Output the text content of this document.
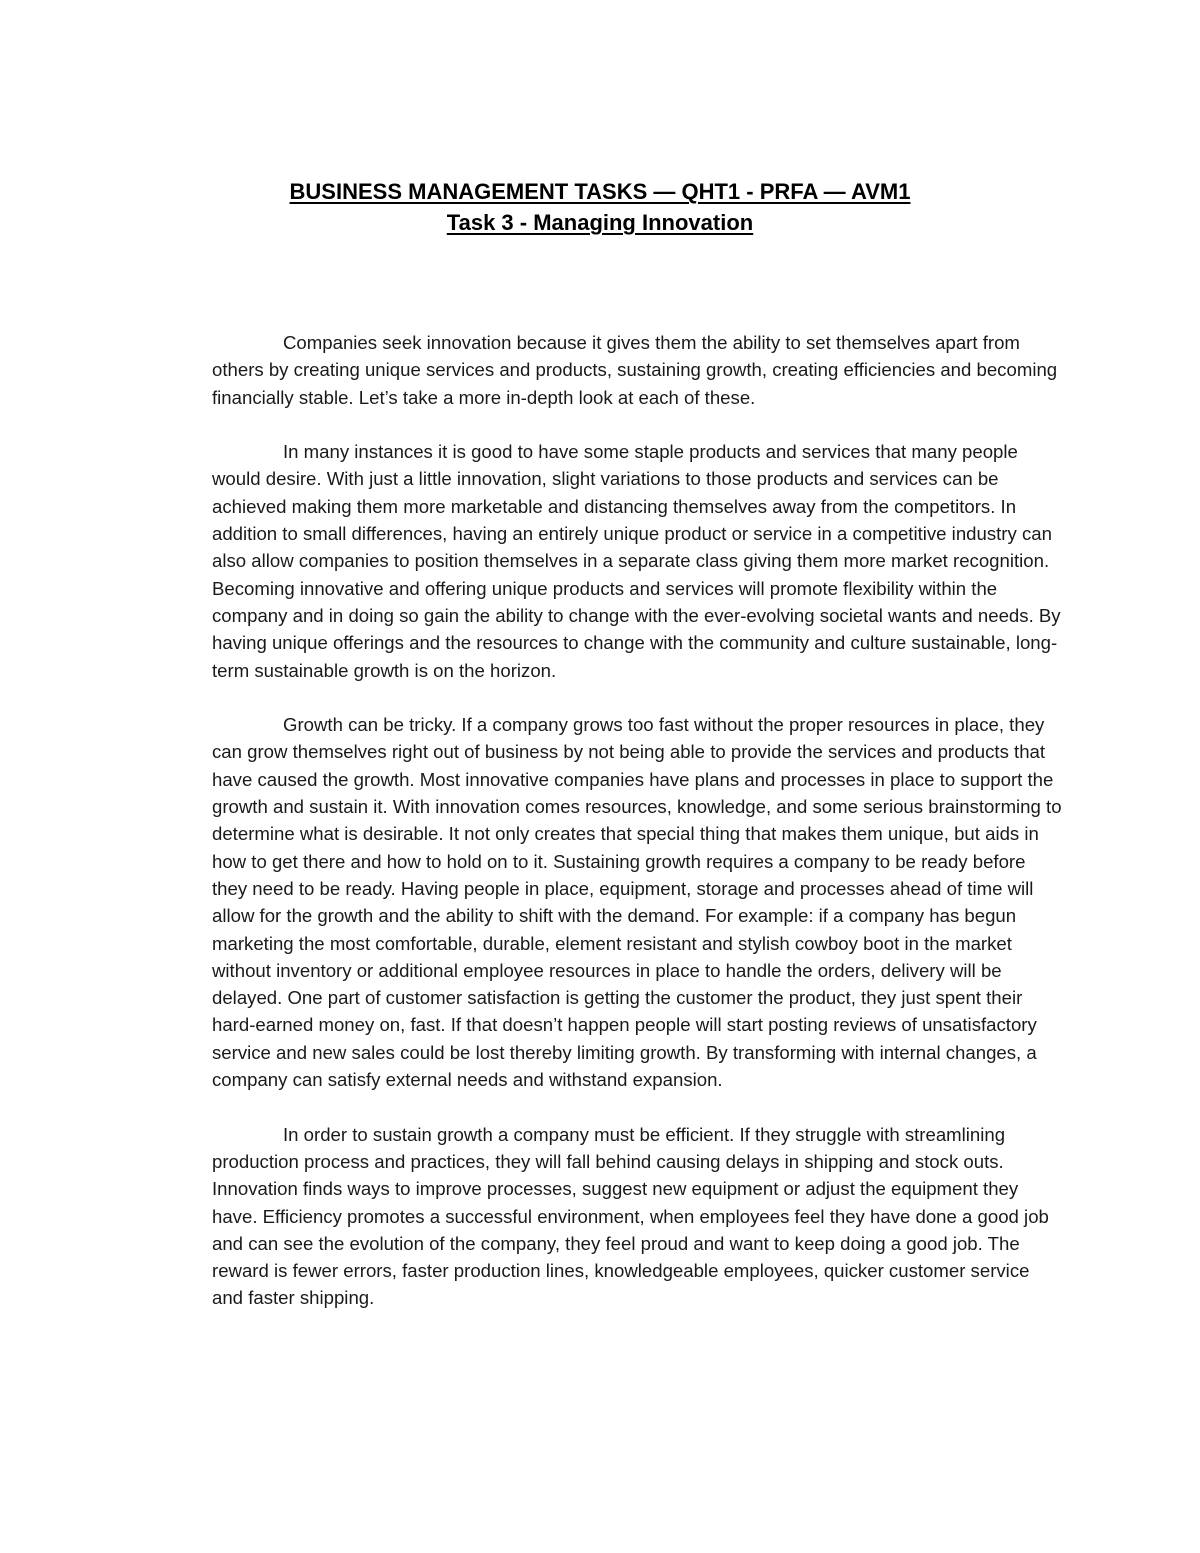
BUSINESS MANAGEMENT TASKS — QHT1 - PRFA — AVM1
Task 3 - Managing Innovation

Companies seek innovation because it gives them the ability to set themselves apart from others by creating unique services and products, sustaining growth, creating efficiencies and becoming financially stable. Let’s take a more in-depth look at each of these.

In many instances it is good to have some staple products and services that many people would desire. With just a little innovation, slight variations to those products and services can be achieved making them more marketable and distancing themselves away from the competitors. In addition to small differences, having an entirely unique product or service in a competitive industry can also allow companies to position themselves in a separate class giving them more market recognition. Becoming innovative and offering unique products and services will promote flexibility within the company and in doing so gain the ability to change with the ever-evolving societal wants and needs. By having unique offerings and the resources to change with the community and culture sustainable, long-term sustainable growth is on the horizon.

Growth can be tricky. If a company grows too fast without the proper resources in place, they can grow themselves right out of business by not being able to provide the services and products that have caused the growth. Most innovative companies have plans and processes in place to support the growth and sustain it. With innovation comes resources, knowledge, and some serious brainstorming to determine what is desirable. It not only creates that special thing that makes them unique, but aids in how to get there and how to hold on to it. Sustaining growth requires a company to be ready before they need to be ready. Having people in place, equipment, storage and processes ahead of time will allow for the growth and the ability to shift with the demand. For example: if a company has begun marketing the most comfortable, durable, element resistant and stylish cowboy boot in the market without inventory or additional employee resources in place to handle the orders, delivery will be delayed. One part of customer satisfaction is getting the customer the product, they just spent their hard-earned money on, fast. If that doesn’t happen people will start posting reviews of unsatisfactory service and new sales could be lost thereby limiting growth. By transforming with internal changes, a company can satisfy external needs and withstand expansion.

In order to sustain growth a company must be efficient. If they struggle with streamlining production process and practices, they will fall behind causing delays in shipping and stock outs. Innovation finds ways to improve processes, suggest new equipment or adjust the equipment they have. Efficiency promotes a successful environment, when employees feel they have done a good job and can see the evolution of the company, they feel proud and want to keep doing a good job. The reward is fewer errors, faster production lines, knowledgeable employees, quicker customer service and faster shipping.
